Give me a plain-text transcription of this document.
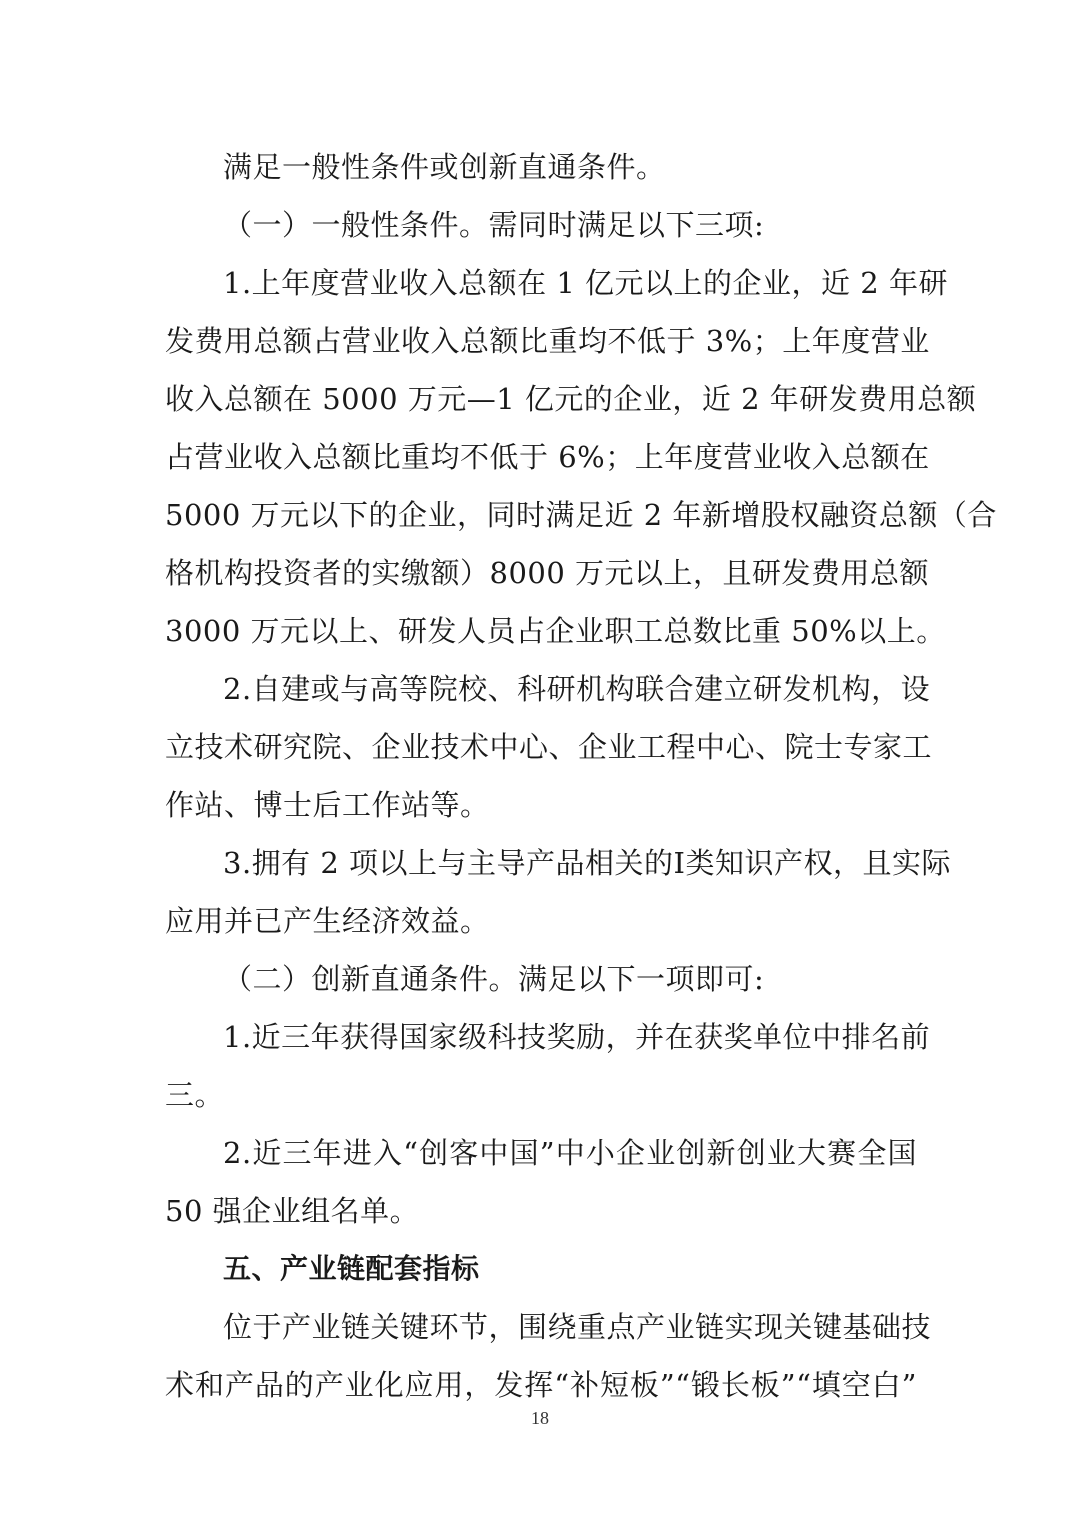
满足一般性条件或创新直通条件。
（一）一般性条件。需同时满足以下三项:
1.上年度营业收入总额在 1 亿元以上的企业，近 2 年研
发费用总额占营业收入总额比重均不低于 3%；上年度营业
收入总额在 5000 万元—1 亿元的企业，近 2 年研发费用总额
占营业收入总额比重均不低于 6%；上年度营业收入总额在
5000 万元以下的企业，同时满足近 2 年新增股权融资总额（合
格机构投资者的实缴额）8000 万元以上，且研发费用总额
3000 万元以上、研发人员占企业职工总数比重 50%以上。
2.自建或与高等院校、科研机构联合建立研发机构，设
立技术研究院、企业技术中心、企业工程中心、院士专家工
作站、博士后工作站等。
3.拥有 2 项以上与主导产品相关的I类知识产权，且实际
应用并已产生经济效益。
（二）创新直通条件。满足以下一项即可:
1.近三年获得国家级科技奖励，并在获奖单位中排名前
三。
2.近三年进入“创客中国”中小企业创新创业大赛全国
50 强企业组名单。
五、产业链配套指标
位于产业链关键环节，围绕重点产业链实现关键基础技
术和产品的产业化应用，发挥“补短板”“锻长板”“填空白”
18
